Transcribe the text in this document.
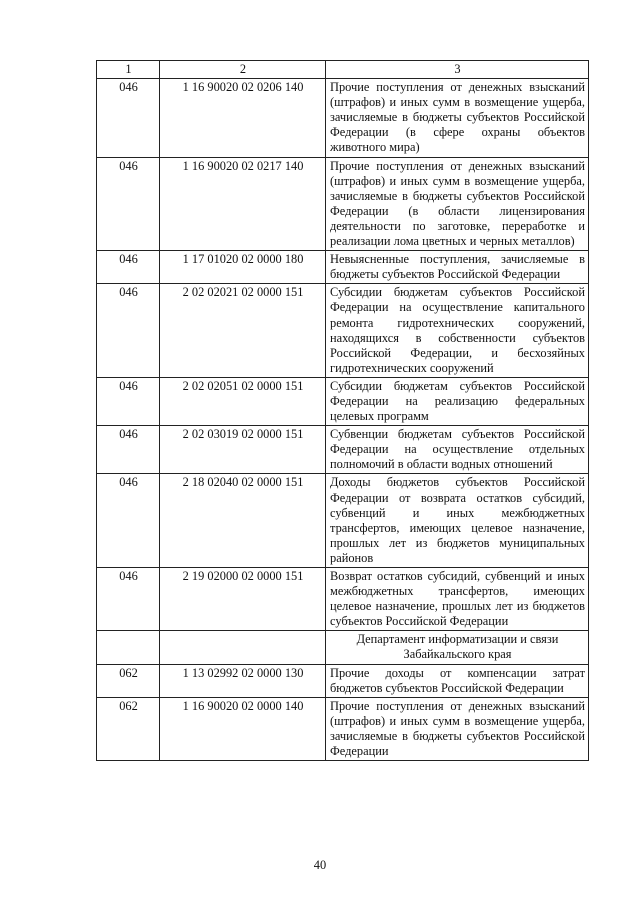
1	2	3
046	1 16 90020 02 0206 140	Прочие поступления от денежных взысканий (штрафов) и иных сумм в возмещение ущерба, зачисляемые в бюджеты субъектов Российской Федерации (в сфере охраны объектов животного мира)
046	1 16 90020 02 0217 140	Прочие поступления от денежных взысканий (штрафов) и иных сумм в возмещение ущерба, зачисляемые в бюджеты субъектов Российской Федерации (в области лицензирования деятельности по заготовке, переработке и реализации лома цветных и черных металлов)
046	1 17 01020 02 0000 180	Невыясненные поступления, зачисляемые в бюджеты субъектов Российской Федерации
046	2 02 02021 02 0000 151	Субсидии бюджетам субъектов Российской Федерации на осуществление капитального ремонта гидротехнических сооружений, находящихся в собственности субъектов Российской Федерации, и бесхозяйных гидротехнических сооружений
046	2 02 02051 02 0000 151	Субсидии бюджетам субъектов Российской Федерации на реализацию федеральных целевых программ
046	2 02 03019 02 0000 151	Субвенции бюджетам субъектов Российской Федерации на осуществление отдельных полномочий в области водных отношений
046	2 18 02040 02 0000 151	Доходы бюджетов субъектов Российской Федерации от возврата остатков субсидий, субвенций и иных межбюджетных трансфертов, имеющих целевое назначение, прошлых лет из бюджетов муниципальных районов
046	2 19 02000 02 0000 151	Возврат остатков субсидий, субвенций и иных межбюджетных трансфертов, имеющих целевое назначение, прошлых лет из бюджетов субъектов Российской Федерации
		Департамент информатизации и связи Забайкальского края
062	1 13 02992 02 0000 130	Прочие доходы от компенсации затрат бюджетов субъектов Российской Федерации
062	1 16 90020 02 0000 140	Прочие поступления от денежных взысканий (штрафов) и иных сумм в возмещение ущерба, зачисляемые в бюджеты субъектов Российской Федерации
40
